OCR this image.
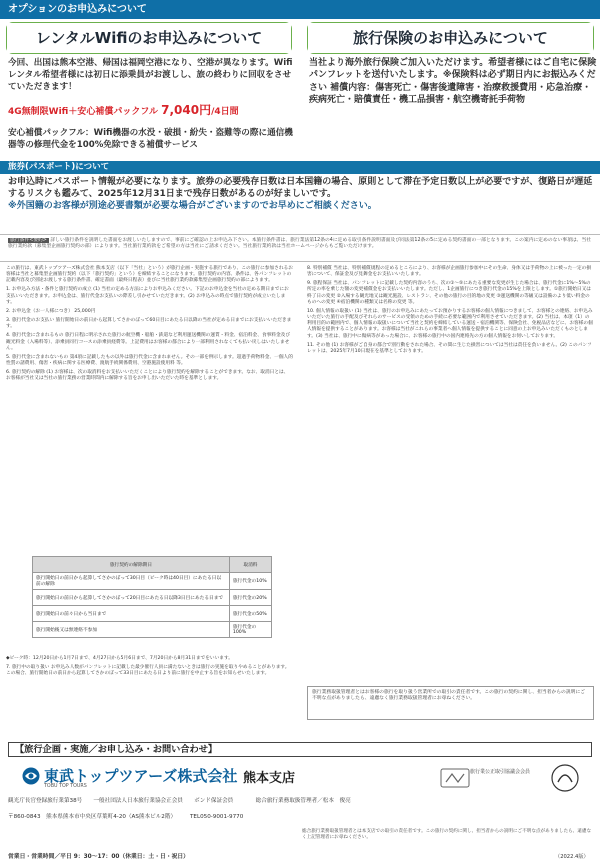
オプションのお申込みについて
レンタルWifiのお申込みについて
今回、出国は熊本空港、帰国は福岡空港になり、空港が異なります。Wifiレンタル希望者様には初日に添乗員がお渡しし、旅の終わりに回収をさせていただきます！
4G無制限Wifi＋安心補償パックフル 7,040円/4日間
安心補償パックフル：Wifi機器の水没・破損・紛失・盗難等の際に通信機器等の修理代金を100%免除できる補償サービス
旅行保険のお申込みについて
当社より海外旅行保険ご加入いただけます。希望者様にはご自宅に保険パンフレットを送付いたします。※保険料は必ず期日内にお振込みください 補償内容：傷害死亡・傷害後遺障害・治療救援費用・応急治療・疾病死亡・賠償責任・機工品損害・航空機寄託手荷物
旅券(パスポート)について
お申込時にパスポート情報が必要になります。旅券の必要残存日数は日本国籍の場合、原則として滞在予定日数以上が必要ですが、復路日が遅延するリスクも鑑みて、2025年12月31日まで残存日数があるのが好ましいです。
※外国籍のお客様が別途必要書類が必要な場合がございますのでお早めにご相談ください。
旅行条件<要約> 詳しい旅行条件を説明した書面をお渡しいたしますので、事前にご確認の上お申込み下さい。本旅行条件書は、旅行業法第12条の4に定める取引条件説明書面及び同法第12条の5に定める契約書面の一部となります。この案内に定めのない事項は、当社旅行業約款（募集型企画旅行契約の部）によります。当社旅行業約款をご希望の方は当社にご請求ください。当社旅行業約款は当社ホームページからもご覧いただけます。

この旅行は、東武トップツアーズ株式会社 熊本支店（以下「当社」という）が旅行企画・実施する旅行であり、この旅行に参加されるお客様は当社と募集型企画旅行契約（以下「旅行契約」という）を締結することになります。旅行契約の内容、条件は、各パンフレットの記載内容及び別途お渡しする旅行条件書、確定書面（最終日程表）並びに当社旅行業約款募集型企画旅行契約の部によります。

1. お申込み方法・条件と旅行契約の成立 (1) 当社の定める方法によりお申込みください。下記のお申込金を当社の定める期日までにお支払いいただきます。お申込金は、旅行代金お支払いの際差し引かせていただきます。(2) お申込みの時点で旅行契約が成立いたします。

2. お申込金（お一人様につき） 25,000円

3. 旅行代金のお支払い 旅行開始日の前日から起算してさかのぼって60日目にあたる日以降の当社が定める日までにお支払いいただきます。

4. 旅行代金に含まれるもの 旅行日程に明示された旅行の航空機・船舶・鉄道など利用運送機関の運賃・料金、宿泊料金、食事料金及び観光料金（入場料等）、添乗員同行コースの添乗員経費等。上記費用はお客様の都合により一部利用されなくても払い戻しはいたしません。

5. 旅行代金に含まれないもの 第4項に記載したもの以外は旅行代金に含まれません。その一部を例示します。超過手荷物料金、一個人的性質の諸費用、傷害・疾病に関する医療費、渡航手続関係費用、空港施設使用料 等。

6. 旅行契約の解除 (1) お客様は、次の取消料をお支払いいただくことにより旅行契約を解除することができます。なお、取消日とは、お客様が当社又は当社の旅行業務の営業時間内に解除する旨をお申し出いただいた時を基準とします。

旅行契約の解除期日	取消料
旅行開始日の前日から起算してさかのぼって30日目（ピーク時は40日目）にあたる日以前の解除	旅行代金の10%
旅行開始日の前日から起算してさかのぼって20日目にあたる日以降3日目にあたる日まで	旅行代金の20%
旅行開始日の前々日から当日まで	旅行代金の50%
旅行開始後又は無連絡不参加	旅行代金の100%

◆ピーク時：12月20日から1月7日まで、4月27日から5月6日まで、7月20日から8月31日までをいいます。

7. 旅行中の取り扱い お申込み人数がパンフレットに記載した最少催行人員に満たないときは旅行の実施を取りやめることがあります。この場合、旅行開始日の前日から起算してさかのぼって33日目にあたる日より前に旅行を中止する旨をお知らせいたします。

8. 特別補償 当社は、特別補償規程の定めるところにより、お客様が企画旅行参加中にその生命、身体又は手荷物の上に被った一定の損害について、保証金及び見舞金をお支払いいたします。

9. 旅程保証 当社は、パンフレットに記載した契約内容のうち、次の①〜⑤にあたる重要な変更が生じた場合は、旅行代金に1%〜5%の所定の率を乗じた額の変更補償金をお支払いいたします。ただし、1企画旅行につき旅行代金の15%を上限とします。①旅行開始日又は終了日の変更 ②入場する観光地又は観光施設、レストラン、その他の旅行の目的地の変更 ③運送機関の等級又は設備のより低い料金のものへの変更 ④宿泊機関の種類又は名称の変更 等。

10. 個人情報の取扱い (1) 当社は、旅行のお申込みにあたってお預かりするお客様の個人情報につきまして、お客様との連絡、お申込みいただいた旅行の手配及びそれらのサービスの受領のための手続に必要な範囲内で利用させていただきます。(2) 当社は、本項（1）の利用目的の範囲内で、個人情報の取扱いについて当社と契約を締結している運送・宿泊機関等、保険会社、免税品店などに、お客様の個人情報を提供することがあります。お客様は当社がこれらの事業者へ個人情報を提供することに同意の上お申込みいただくものとします。(3) 当社は、旅行中に傷病等があった場合に、お客様の旅行中の国内連絡先の方の個人情報をお伺いしております。

11. その他 (1) お客様がご自身の都合で別行動をされた場合、その間に生じた損害については当社は責任を負いません。(2) このパンフレットは、2025年7月10日現在を基準としております。

旅行業務取扱管理者とはお客様の旅行を取り扱う営業所での取引の責任者です。この旅行の契約に関し、担当者からの説明にご不明な点がありましたら、遠慮なく旅行業務取扱管理者にお尋ねください。
【旅行企画・実施／お申し込み・お問い合わせ】
東武トップツアーズ株式会社 熊本支店
TOBU TOP TOURS
旅行業公正取引協議会会員
観光庁長官登録旅行業第38号　　一般社団法人日本旅行業協会正会員　　ボンド保証会員　　　　総合旅行業務取扱管理者／松本　俊亮
〒860-0843　熊本県熊本市中央区草葉町4-20（AS熊本ビル2階）　　　TEL050-9001-9770
総合旅行業務取扱管理者とは本支店での取引の責任者です。この旅行の契約に関し、担当者からの説明にご不明な点がありましたら、遠慮なく上記管理者にお尋ねください。
営業日・営業時間／平日 9：30〜17：00（休業日：土・日・祝日）	（2022.4版）
